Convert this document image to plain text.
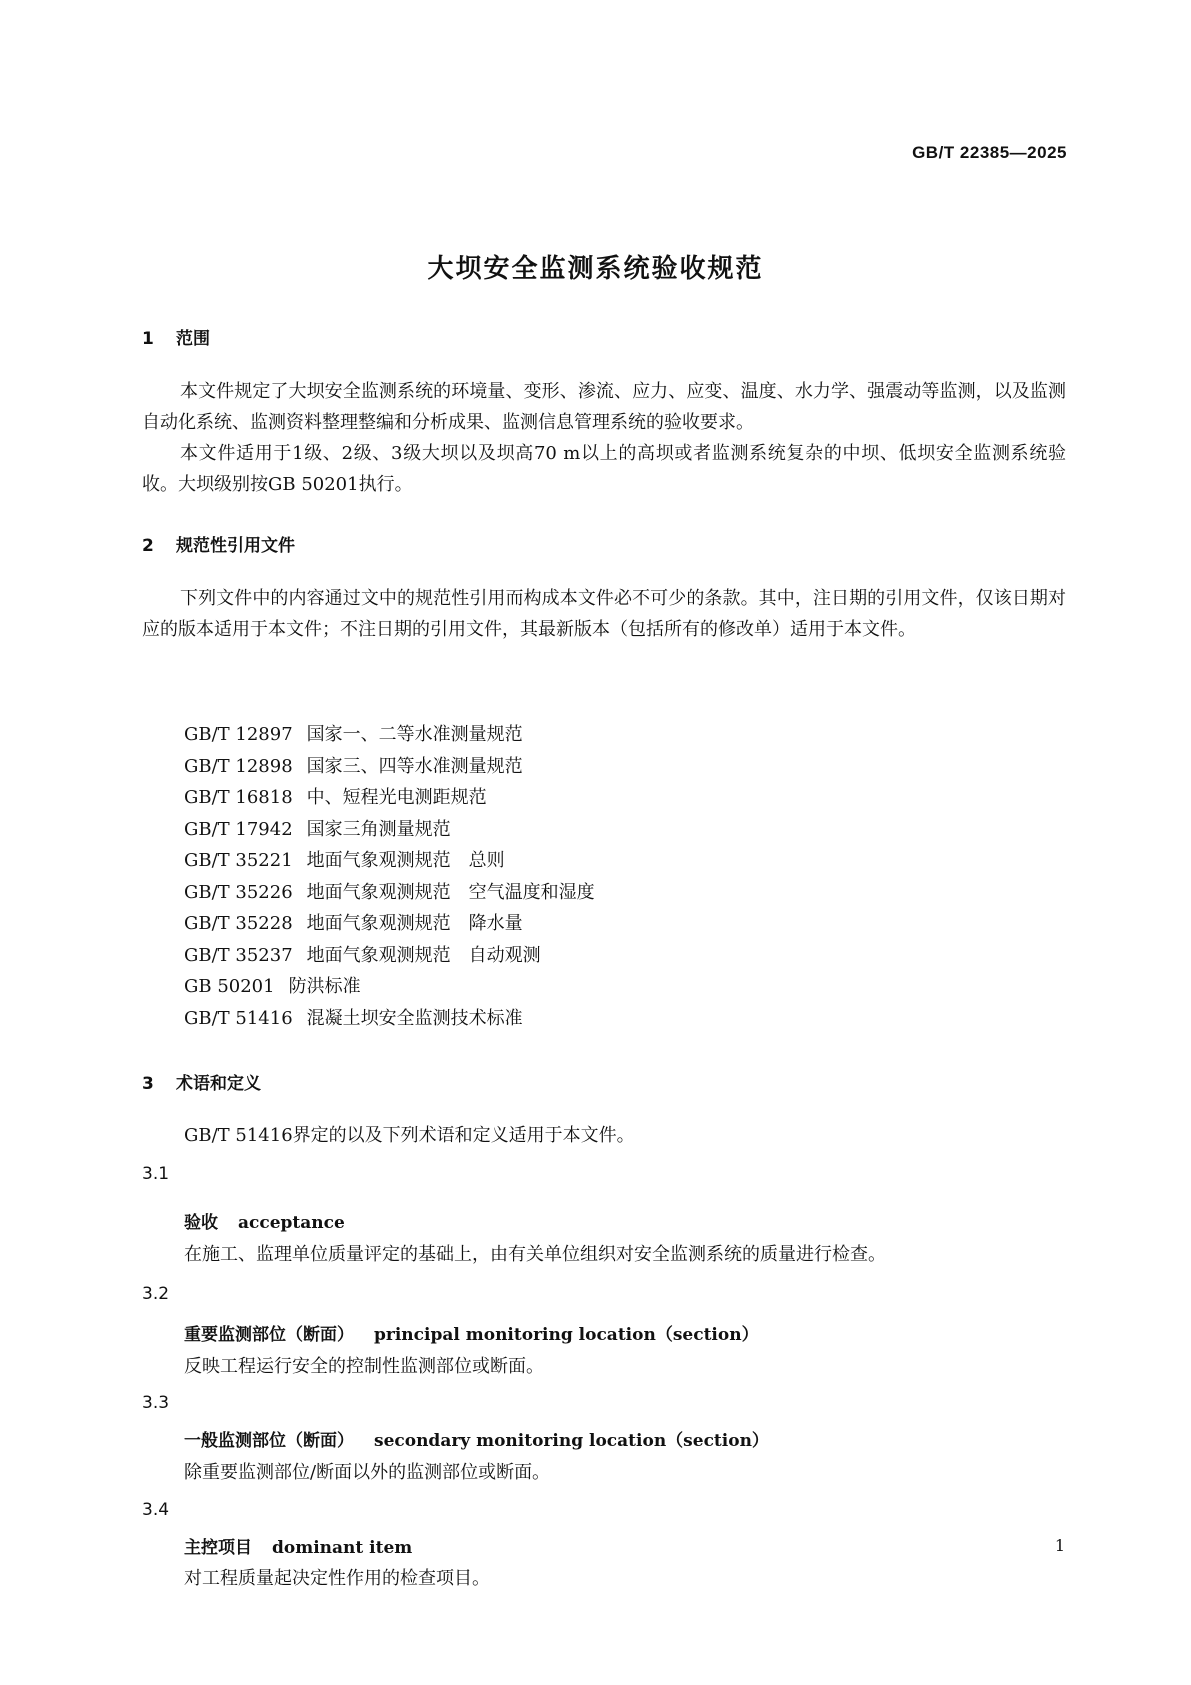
GB/T 22385—2025
大坝安全监测系统验收规范
1 范围
本文件规定了大坝安全监测系统的环境量、变形、渗流、应力、应变、温度、水力学、强震动等监测，以及监测自动化系统、监测资料整理整编和分析成果、监测信息管理系统的验收要求。
本文件适用于1级、2级、3级大坝以及坝高70 m以上的高坝或者监测系统复杂的中坝、低坝安全监测系统验收。大坝级别按GB 50201执行。
2 规范性引用文件
下列文件中的内容通过文中的规范性引用而构成本文件必不可少的条款。其中，注日期的引用文件，仅该日期对应的版本适用于本文件；不注日期的引用文件，其最新版本（包括所有的修改单）适用于本文件。
GB/T 12897 国家一、二等水准测量规范
GB/T 12898 国家三、四等水准测量规范
GB/T 16818 中、短程光电测距规范
GB/T 17942 国家三角测量规范
GB/T 35221 地面气象观测规范　总则
GB/T 35226 地面气象观测规范　空气温度和湿度
GB/T 35228 地面气象观测规范　降水量
GB/T 35237 地面气象观测规范　自动观测
GB 50201 防洪标准
GB/T 51416 混凝土坝安全监测技术标准
3 术语和定义
GB/T 51416界定的以及下列术语和定义适用于本文件。
3.1
验收 acceptance
在施工、监理单位质量评定的基础上，由有关单位组织对安全监测系统的质量进行检查。
3.2
重要监测部位（断面） principal monitoring location（section）
反映工程运行安全的控制性监测部位或断面。
3.3
一般监测部位（断面） secondary monitoring location（section）
除重要监测部位/断面以外的监测部位或断面。
3.4
主控项目 dominant item
对工程质量起决定性作用的检查项目。
1
